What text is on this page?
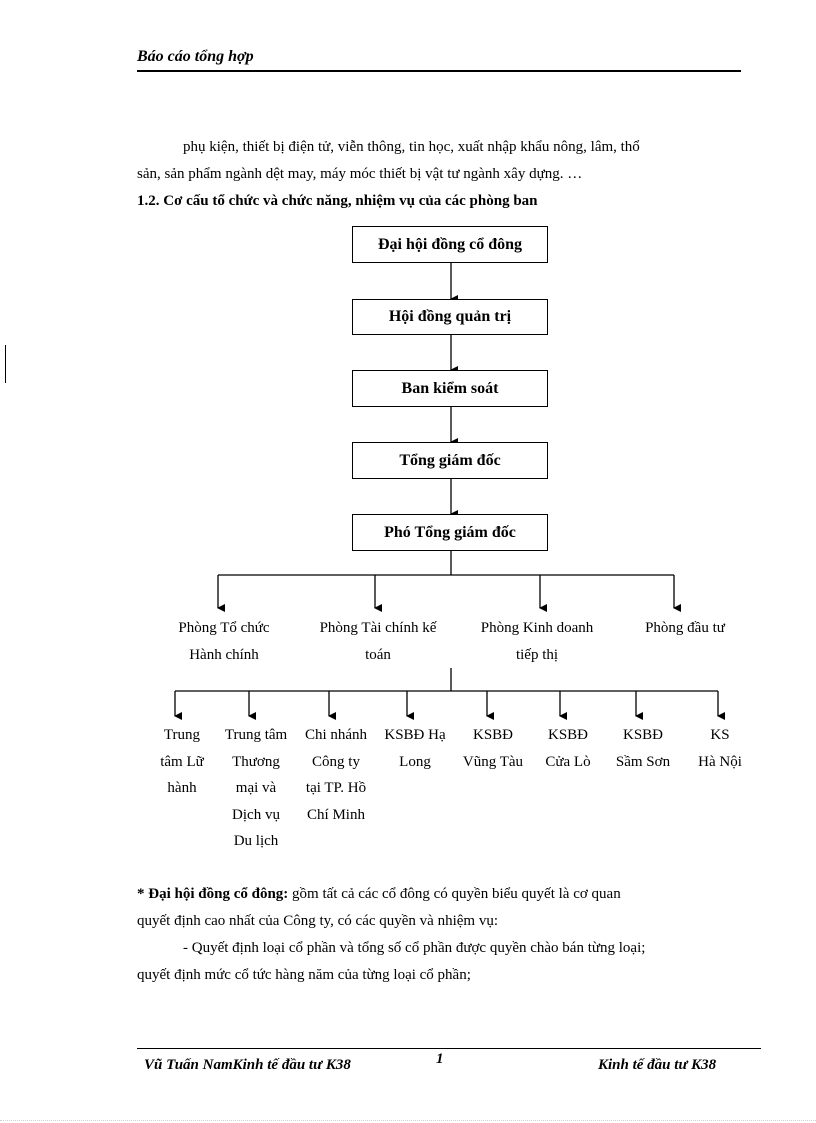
Báo cáo tổng hợp
phụ kiện, thiết bị điện tử, viễn thông, tin học, xuất nhập khẩu nông, lâm, thổ
sản, sản phẩm ngành dệt may, máy móc thiết bị vật tư ngành xây dựng. …
1.2. Cơ cấu tổ chức và chức năng, nhiệm vụ của các phòng ban
Đại hội đồng cổ đông
Hội đồng quản trị
Ban kiểm soát
Tổng giám đốc
Phó Tổng giám đốc
Phòng Tổ chức
Hành chính
Phòng Tài chính kế
toán
Phòng Kinh doanh
tiếp thị
Phòng đầu tư
Trung
tâm Lữ
hành
Trung tâm
Thương
mại và
Dịch vụ
Du lịch
Chi nhánh
Công ty
tại TP. Hồ
Chí Minh
KSBĐ Hạ
Long
KSBĐ
Vũng Tàu
KSBĐ
Cửa Lò
KSBĐ
Sầm Sơn
KS
Hà Nội
* Đại hội đồng cổ đông: gồm tất cả các cổ đông có quyền biểu quyết là cơ quan
quyết định cao nhất của Công ty, có các quyền và nhiệm vụ:
- Quyết định loại cổ phần và tổng số cổ phần được quyền chào bán từng loại;
quyết định mức cổ tức hàng năm của từng loại cổ phần;
Vũ Tuấn NamKinh tế đầu tư K38	1	Kinh tế đầu tư K38
